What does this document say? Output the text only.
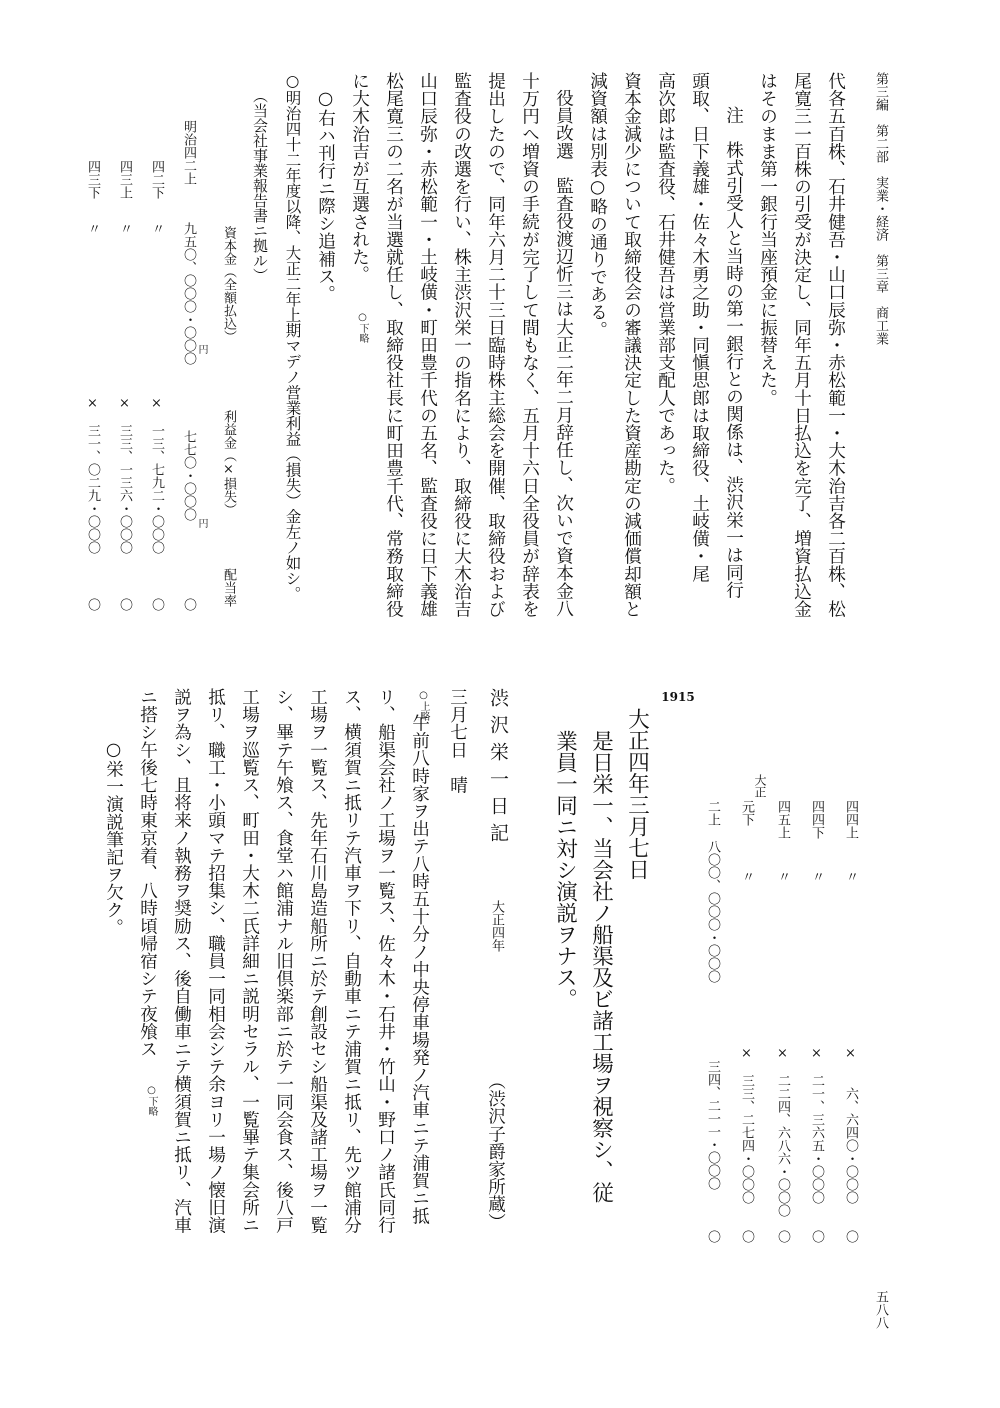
第三編　第二部　実業・経済　第三章　商工業
五八八
代各五百株、石井健吾・山口辰弥・赤松範一・大木治吉各二百株、松
尾寛三一百株の引受が決定し、同年五月十日払込を完了、増資払込金
はそのまま第一銀行当座預金に振替えた。
注　株式引受人と当時の第一銀行との関係は、渋沢栄一は同行
頭取、日下義雄・佐々木勇之助・同愼思郎は取締役、土岐僙・尾
高次郎は監査役、石井健吾は営業部支配人であった。
資本金減少について取締役会の審議決定した資産勘定の減価償却額と
減資額は別表○略の通りである。
役員改選　監査役渡辺忻三は大正二年二月辞任し、次いで資本金八
十万円へ増資の手続が完了して間もなく、五月十六日全役員が辞表を
提出したので、同年六月二十三日臨時株主総会を開催、取締役および
監査役の改選を行い、株主渋沢栄一の指名により、取締役に大木治吉
山口辰弥・赤松範一・土岐僙・町田豊千代の五名、監査役に日下義雄
松尾寛三の二名が当選就任し、取締役社長に町田豊千代、常務取締役
に大木治吉が互選された。
○下略
○右ハ刊行ニ際シ追補ス。
○明治四十二年度以降、大正二年上期マデノ営業利益（損失）金左ノ如シ。
（当会社事業報告書ニ拠ル）
資本金（全額払込）
利益金（×損失）
配当率
円
円
明治四二上
九五〇、〇〇〇・〇〇〇
七七〇・〇〇〇
〇
四二下
〃
×　一三、七九二・〇〇〇
〇
四三上
〃
×　三三、一三六・〇〇〇
〇
四三下
〃
×　三一、〇二九・〇〇〇
〇
四四上
〃
×　　六、六四〇・〇〇〇
〇
四四下
〃
×　二一、三六五・〇〇〇
〇
四五上
〃
×　二二四、六八六・〇〇〇
〇
大正
元下
〃
×　三三、二七四・〇〇〇
〇
二上
八〇〇、〇〇〇・〇〇〇
三四、二一一・〇〇〇
〇
1915
大正四年三月七日
是日栄一、当会社ノ船渠及ビ諸工場ヲ視察シ、従
業員一同ニ対シ演説ヲナス。
渋沢栄一日記
大正四年
（渋沢子爵家所蔵）
三月七日　晴
○上略
午前八時家ヲ出テ八時五十分ノ中央停車場発ノ汽車ニテ浦賀ニ抵
リ、船渠会社ノ工場ヲ一覧ス、佐々木・石井・竹山・野口ノ諸氏同行
ス、横須賀ニ抵リテ汽車ヲ下リ、自動車ニテ浦賀ニ抵リ、先ツ館浦分
工場ヲ一覧ス、先年石川島造船所ニ於テ創設セシ船渠及諸工場ヲ一覧
シ、畢テ午飧ス、食堂ハ館浦ナル旧倶楽部ニ於テ一同会食ス、後八戸
工場ヲ巡覧ス、町田・大木二氏詳細ニ説明セラル、一覧畢テ集会所ニ
抵リ、職工・小頭マテ招集シ、職員一同相会シテ余ヨリ一場ノ懐旧演
説ヲ為シ、且将来ノ執務ヲ奨励ス、後自働車ニテ横須賀ニ抵リ、汽車
ニ搭シ午後七時東京着、八時頃帰宿シテ夜飧ス
○下略
○栄一演説筆記ヲ欠ク。
